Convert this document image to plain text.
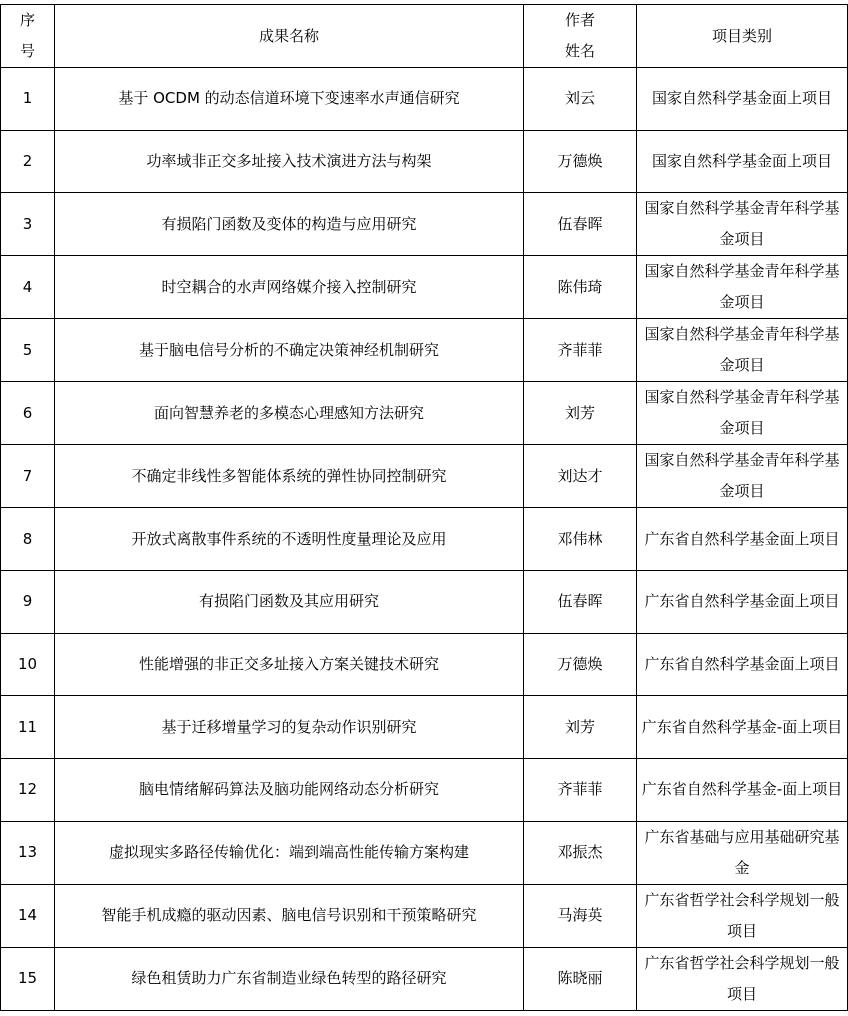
序号	成果名称	作者姓名	项目类别
1	基于 OCDM 的动态信道环境下变速率水声通信研究	刘云	国家自然科学基金面上项目
2	功率域非正交多址接入技术演进方法与构架	万德焕	国家自然科学基金面上项目
3	有损陷门函数及变体的构造与应用研究	伍春晖	国家自然科学基金青年科学基金项目
4	时空耦合的水声网络媒介接入控制研究	陈伟琦	国家自然科学基金青年科学基金项目
5	基于脑电信号分析的不确定决策神经机制研究	齐菲菲	国家自然科学基金青年科学基金项目
6	面向智慧养老的多模态心理感知方法研究	刘芳	国家自然科学基金青年科学基金项目
7	不确定非线性多智能体系统的弹性协同控制研究	刘达才	国家自然科学基金青年科学基金项目
8	开放式离散事件系统的不透明性度量理论及应用	邓伟林	广东省自然科学基金面上项目
9	有损陷门函数及其应用研究	伍春晖	广东省自然科学基金面上项目
10	性能增强的非正交多址接入方案关键技术研究	万德焕	广东省自然科学基金面上项目
11	基于迁移增量学习的复杂动作识别研究	刘芳	广东省自然科学基金-面上项目
12	脑电情绪解码算法及脑功能网络动态分析研究	齐菲菲	广东省自然科学基金-面上项目
13	虚拟现实多路径传输优化：端到端高性能传输方案构建	邓振杰	广东省基础与应用基础研究基金
14	智能手机成瘾的驱动因素、脑电信号识别和干预策略研究	马海英	广东省哲学社会科学规划一般项目
15	绿色租赁助力广东省制造业绿色转型的路径研究	陈晓丽	广东省哲学社会科学规划一般项目
